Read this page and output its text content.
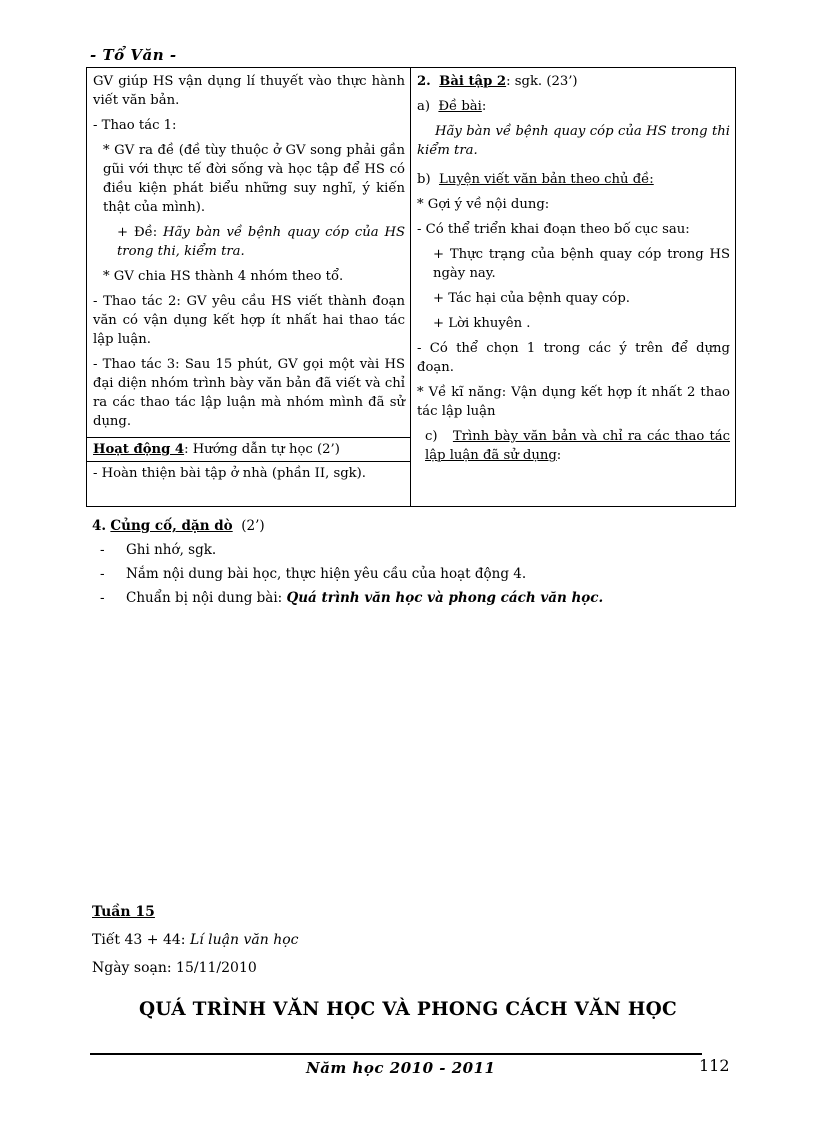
- Tổ Văn -

GV giúp HS vận dụng lí thuyết vào thực hành viết văn bản.

- Thao tác 1:

* GV ra đề (đề tùy thuộc ở GV song phải gần gũi với thực tế đời sống và học tập để HS có điều kiện phát biểu những suy nghĩ, ý kiến thật của mình).

+ Đề: Hãy bàn về bệnh quay cóp của HS trong thi, kiểm tra.

* GV chia HS thành 4 nhóm theo tổ.

- Thao tác 2: GV yêu cầu HS viết thành đoạn văn có vận dụng kết hợp ít nhất hai thao tác lập luận.

- Thao tác 3: Sau 15 phút, GV gọi một vài HS đại diện nhóm trình bày văn bản đã viết và chỉ ra các thao tác lập luận mà nhóm mình đã sử dụng.

Hoạt động 4: Hướng dẫn tự học (2’)

- Hoàn thiện bài tập ở nhà (phần II, sgk).

2. Bài tập 2: sgk. (23’)

a) Đề bài:

Hãy bàn về bệnh quay cóp của HS trong thi kiểm tra.

b) Luyện viết văn bản theo chủ đề:

* Gợi ý về nội dung:

- Có thể triển khai đoạn theo bố cục sau:

+ Thực trạng của bệnh quay cóp trong HS ngày nay.

+ Tác hại của bệnh quay cóp.

+ Lời khuyên .

- Có thể chọn 1 trong các ý trên để dựng đoạn.

* Về kĩ năng: Vận dụng kết hợp ít nhất 2 thao tác lập luận

c) Trình bày văn bản và chỉ ra các thao tác lập luận đã sử dụng:

4. Củng cố, dặn dò (2’)
- Ghi nhớ, sgk.
- Nắm nội dung bài học, thực hiện yêu cầu của hoạt động 4.
- Chuẩn bị nội dung bài: Quá trình văn học và phong cách văn học.
Tuần 15
Tiết 43 + 44: Lí luận văn học
Ngày soạn: 15/11/2010
QUÁ TRÌNH VĂN HỌC VÀ PHONG CÁCH VĂN HỌC
Năm học 2010 - 2011	112
